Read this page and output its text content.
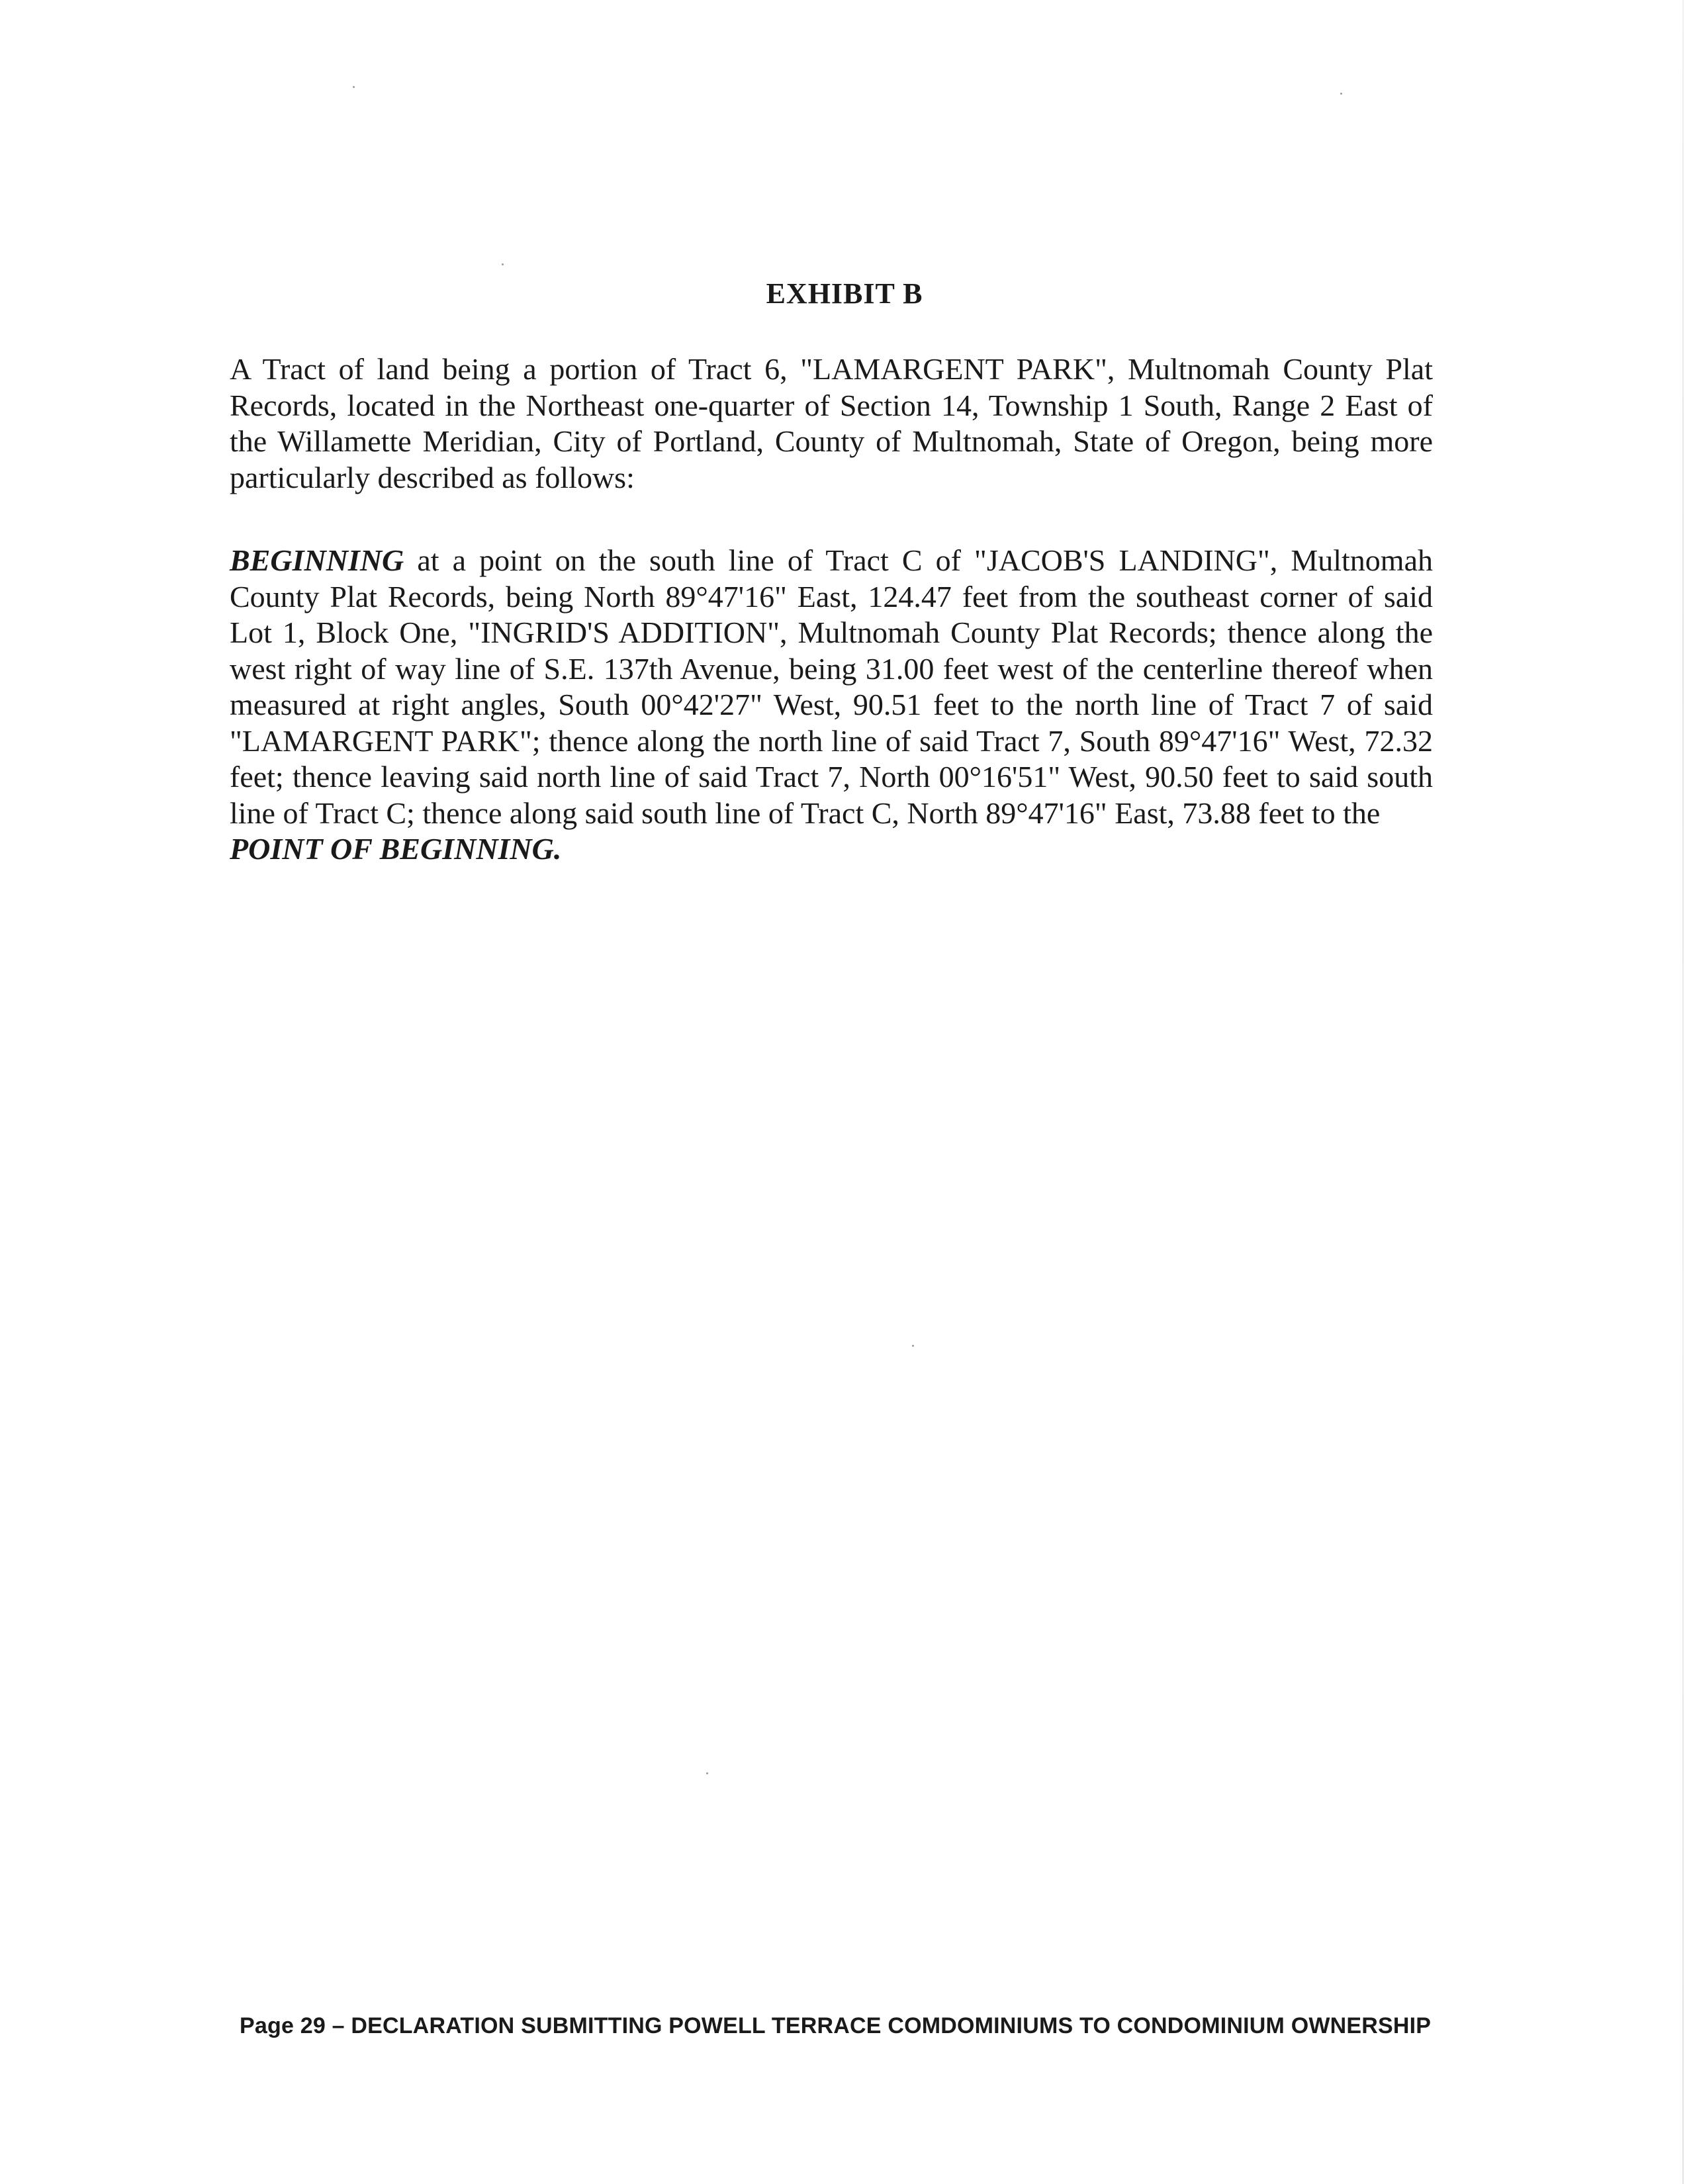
EXHIBIT B
A Tract of land being a portion of Tract 6, "LAMARGENT PARK", Multnomah County Plat Records, located in the Northeast one-quarter of Section 14, Township 1 South, Range 2 East of the Willamette Meridian, City of Portland, County of Multnomah, State of Oregon, being more particularly described as follows:
BEGINNING at a point on the south line of Tract C of "JACOB'S LANDING", Multnomah County Plat Records, being North 89°47'16" East, 124.47 feet from the southeast corner of said Lot 1, Block One, "INGRID'S ADDITION", Multnomah County Plat Records; thence along the west right of way line of S.E. 137th Avenue, being 31.00 feet west of the centerline thereof when measured at right angles, South 00°42'27" West, 90.51 feet to the north line of Tract 7 of said "LAMARGENT PARK"; thence along the north line of said Tract 7, South 89°47'16" West, 72.32 feet; thence leaving said north line of said Tract 7, North 00°16'51" West, 90.50 feet to said south line of Tract C; thence along said south line of Tract C, North 89°47'16" East, 73.88 feet to the
POINT OF BEGINNING.
Page 29 – DECLARATION SUBMITTING POWELL TERRACE COMDOMINIUMS TO CONDOMINIUM OWNERSHIP
